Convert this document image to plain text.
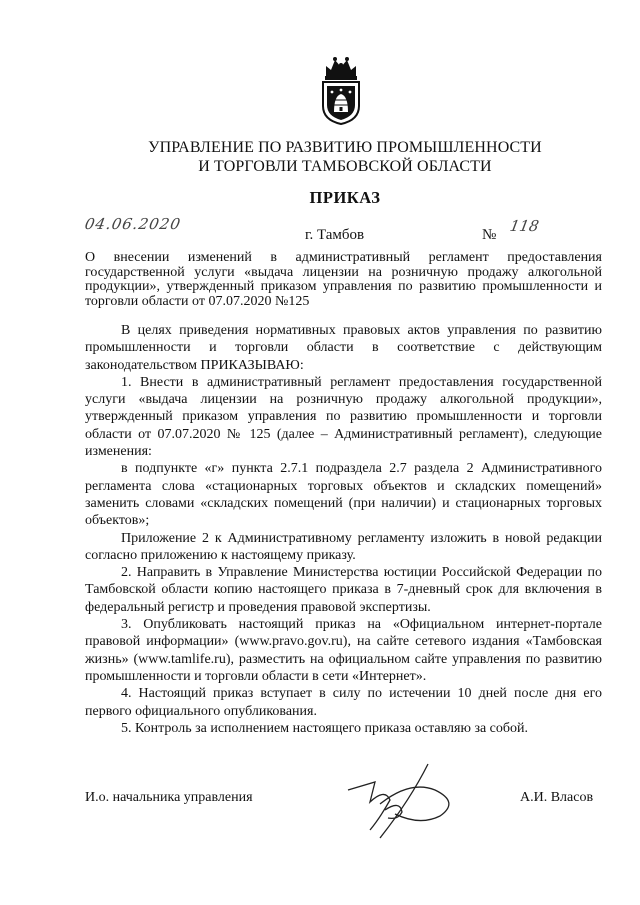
УПРАВЛЕНИЕ ПО РАЗВИТИЮ ПРОМЫШЛЕННОСТИ
И ТОРГОВЛИ ТАМБОВСКОЙ ОБЛАСТИ
ПРИКАЗ
04.06.2020
г. Тамбов	№ 118
О внесении изменений в административный регламент предоставления государственной услуги «выдача лицензии на розничную продажу алкогольной продукции», утвержденный приказом управления по развитию промышленности и торговли области от 07.07.2020 №125

В целях приведения нормативных правовых актов управления по развитию промышленности и торговли области в соответствие с действующим законодательством ПРИКАЗЫВАЮ:

1. Внести в административный регламент предоставления государственной услуги «выдача лицензии на розничную продажу алкогольной продукции», утвержденный приказом управления по развитию промышленности и торговли области от 07.07.2020 № 125 (далее – Административный регламент), следующие изменения:

в подпункте «г» пункта 2.7.1 подраздела 2.7 раздела 2 Административного регламента слова «стационарных торговых объектов и складских помещений» заменить словами «складских помещений (при наличии) и стационарных торговых объектов»;

Приложение 2 к Административному регламенту изложить в новой редакции согласно приложению к настоящему приказу.

2. Направить в Управление Министерства юстиции Российской Федерации по Тамбовской области копию настоящего приказа в 7-дневный срок для включения в федеральный регистр и проведения правовой экспертизы.

3. Опубликовать настоящий приказ на «Официальном интернет-портале правовой информации» (www.pravo.gov.ru), на сайте сетевого издания «Тамбовская жизнь» (www.tamlife.ru), разместить на официальном сайте управления по развитию промышленности и торговли области в сети «Интернет».

4. Настоящий приказ вступает в силу по истечении 10 дней после дня его первого официального опубликования.

5. Контроль за исполнением настоящего приказа оставляю за собой.

И.о. начальника управления	А.И. Власов
